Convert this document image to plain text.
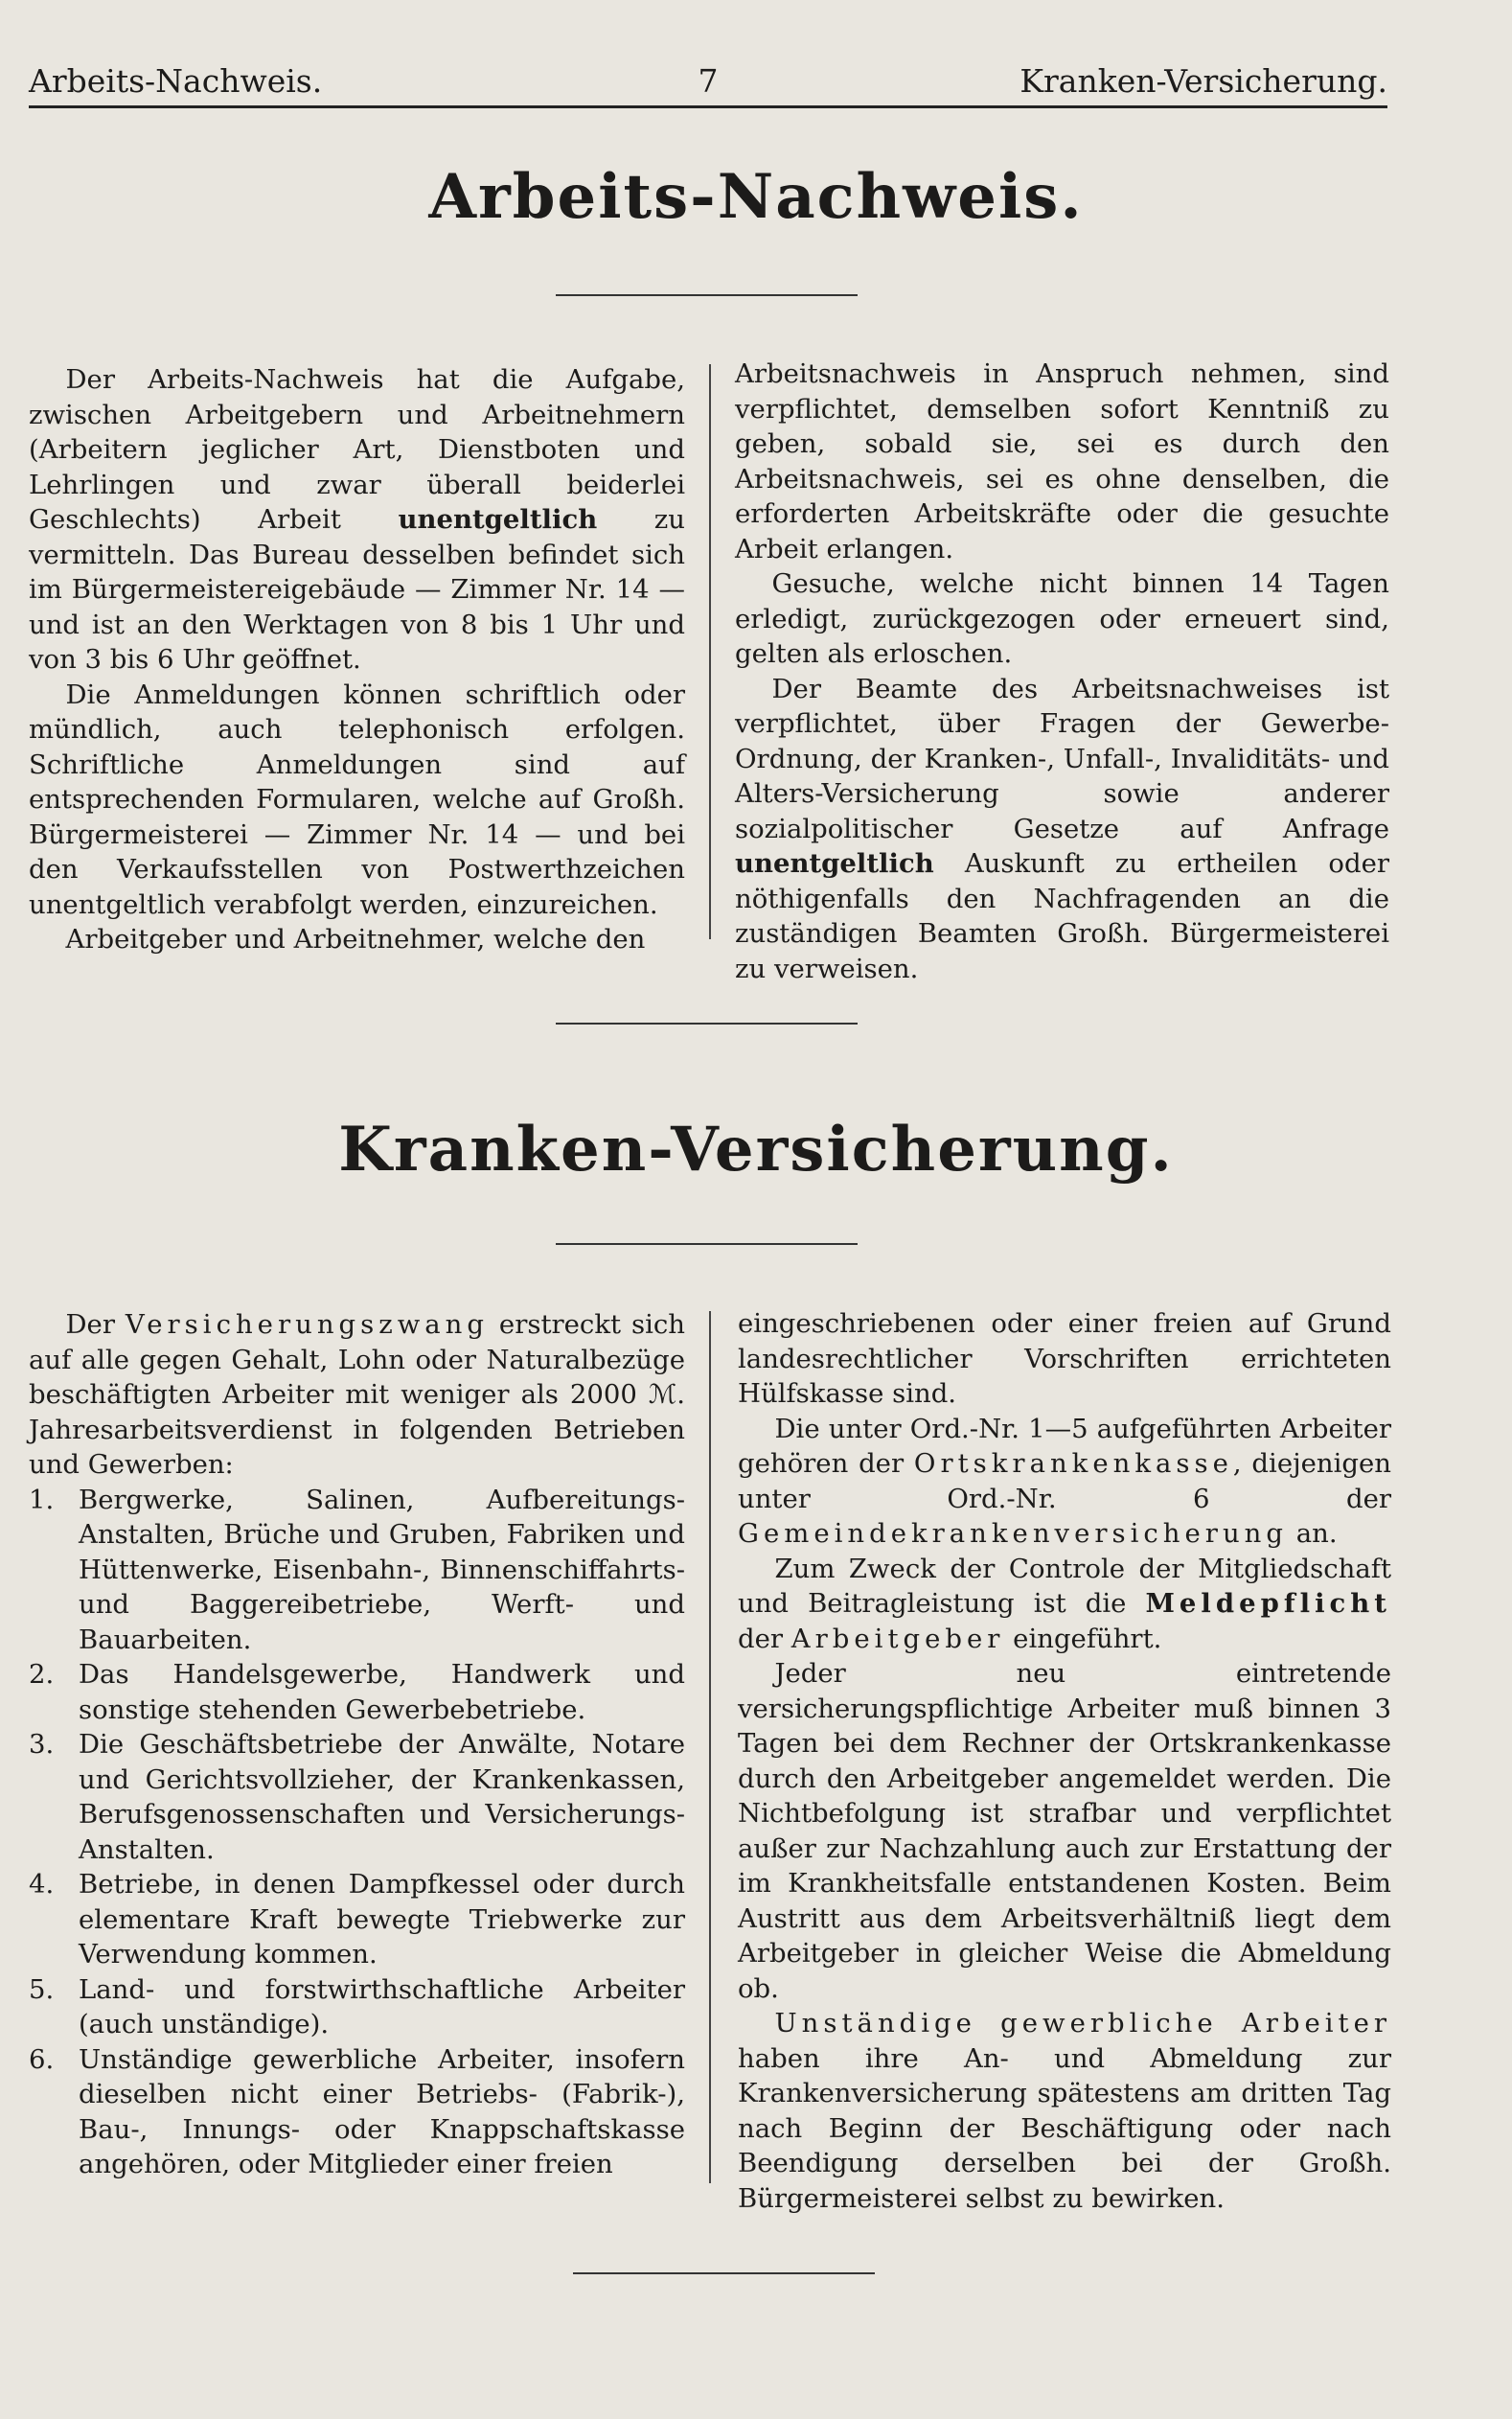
Arbeits-Nachweis.	7	Kranken-Versicherung.
Arbeits-Nachweis.

Der Arbeits-Nachweis hat die Aufgabe, zwischen Arbeitgebern und Arbeitnehmern (Arbeitern jeglicher Art, Dienstboten und Lehrlingen und zwar überall beiderlei Geschlechts) Arbeit unentgeltlich zu vermitteln. Das Bureau desselben befindet sich im Bürgermeistereigebäude — Zimmer Nr. 14 — und ist an den Werktagen von 8 bis 1 Uhr und von 3 bis 6 Uhr geöffnet.

Die Anmeldungen können schriftlich oder mündlich, auch telephonisch erfolgen. Schriftliche Anmeldungen sind auf entsprechenden Formularen, welche auf Großh. Bürgermeisterei — Zimmer Nr. 14 — und bei den Verkaufsstellen von Postwerthzeichen unentgeltlich verabfolgt werden, einzureichen.

Arbeitgeber und Arbeitnehmer, welche den

Arbeitsnachweis in Anspruch nehmen, sind verpflichtet, demselben sofort Kenntniß zu geben, sobald sie, sei es durch den Arbeitsnachweis, sei es ohne denselben, die erforderten Arbeitskräfte oder die gesuchte Arbeit erlangen.

Gesuche, welche nicht binnen 14 Tagen erledigt, zurückgezogen oder erneuert sind, gelten als erloschen.

Der Beamte des Arbeitsnachweises ist verpflichtet, über Fragen der Gewerbe-Ordnung, der Kranken-, Unfall-, Invaliditäts- und Alters-Versicherung sowie anderer sozialpolitischer Gesetze auf Anfrage unentgeltlich Auskunft zu ertheilen oder nöthigenfalls den Nachfragenden an die zuständigen Beamten Großh. Bürgermeisterei zu verweisen.

Kranken-Versicherung.

Der Versicherungszwang erstreckt sich auf alle gegen Gehalt, Lohn oder Naturalbezüge beschäftigten Arbeiter mit weniger als 2000 ℳ. Jahresarbeitsverdienst in folgenden Betrieben und Gewerben:

1. Bergwerke, Salinen, Aufbereitungs-Anstalten, Brüche und Gruben, Fabriken und Hüttenwerke, Eisenbahn-, Binnenschiffahrts- und Baggereibetriebe, Werft- und Bauarbeiten.
2. Das Handelsgewerbe, Handwerk und sonstige stehenden Gewerbebetriebe.
3. Die Geschäftsbetriebe der Anwälte, Notare und Gerichtsvollzieher, der Krankenkassen, Berufsgenossenschaften und Versicherungs-Anstalten.
4. Betriebe, in denen Dampfkessel oder durch elementare Kraft bewegte Triebwerke zur Verwendung kommen.
5. Land- und forstwirthschaftliche Arbeiter (auch unständige).
6. Unständige gewerbliche Arbeiter, insofern dieselben nicht einer Betriebs- (Fabrik-), Bau-, Innungs- oder Knappschaftskasse angehören, oder Mitglieder einer freien

eingeschriebenen oder einer freien auf Grund landesrechtlicher Vorschriften errichteten Hülfskasse sind.

Die unter Ord.-Nr. 1—5 aufgeführten Arbeiter gehören der Ortskrankenkasse, diejenigen unter Ord.-Nr. 6 der Gemeindekrankenversicherung an.

Zum Zweck der Controle der Mitgliedschaft und Beitragleistung ist die Meldepflicht der Arbeitgeber eingeführt.

Jeder neu eintretende versicherungspflichtige Arbeiter muß binnen 3 Tagen bei dem Rechner der Ortskrankenkasse durch den Arbeitgeber angemeldet werden. Die Nichtbefolgung ist strafbar und verpflichtet außer zur Nachzahlung auch zur Erstattung der im Krankheitsfalle entstandenen Kosten. Beim Austritt aus dem Arbeitsverhältniß liegt dem Arbeitgeber in gleicher Weise die Abmeldung ob.

Unständige gewerbliche Arbeiter haben ihre An- und Abmeldung zur Krankenversicherung spätestens am dritten Tag nach Beginn der Beschäftigung oder nach Beendigung derselben bei der Großh. Bürgermeisterei selbst zu bewirken.
